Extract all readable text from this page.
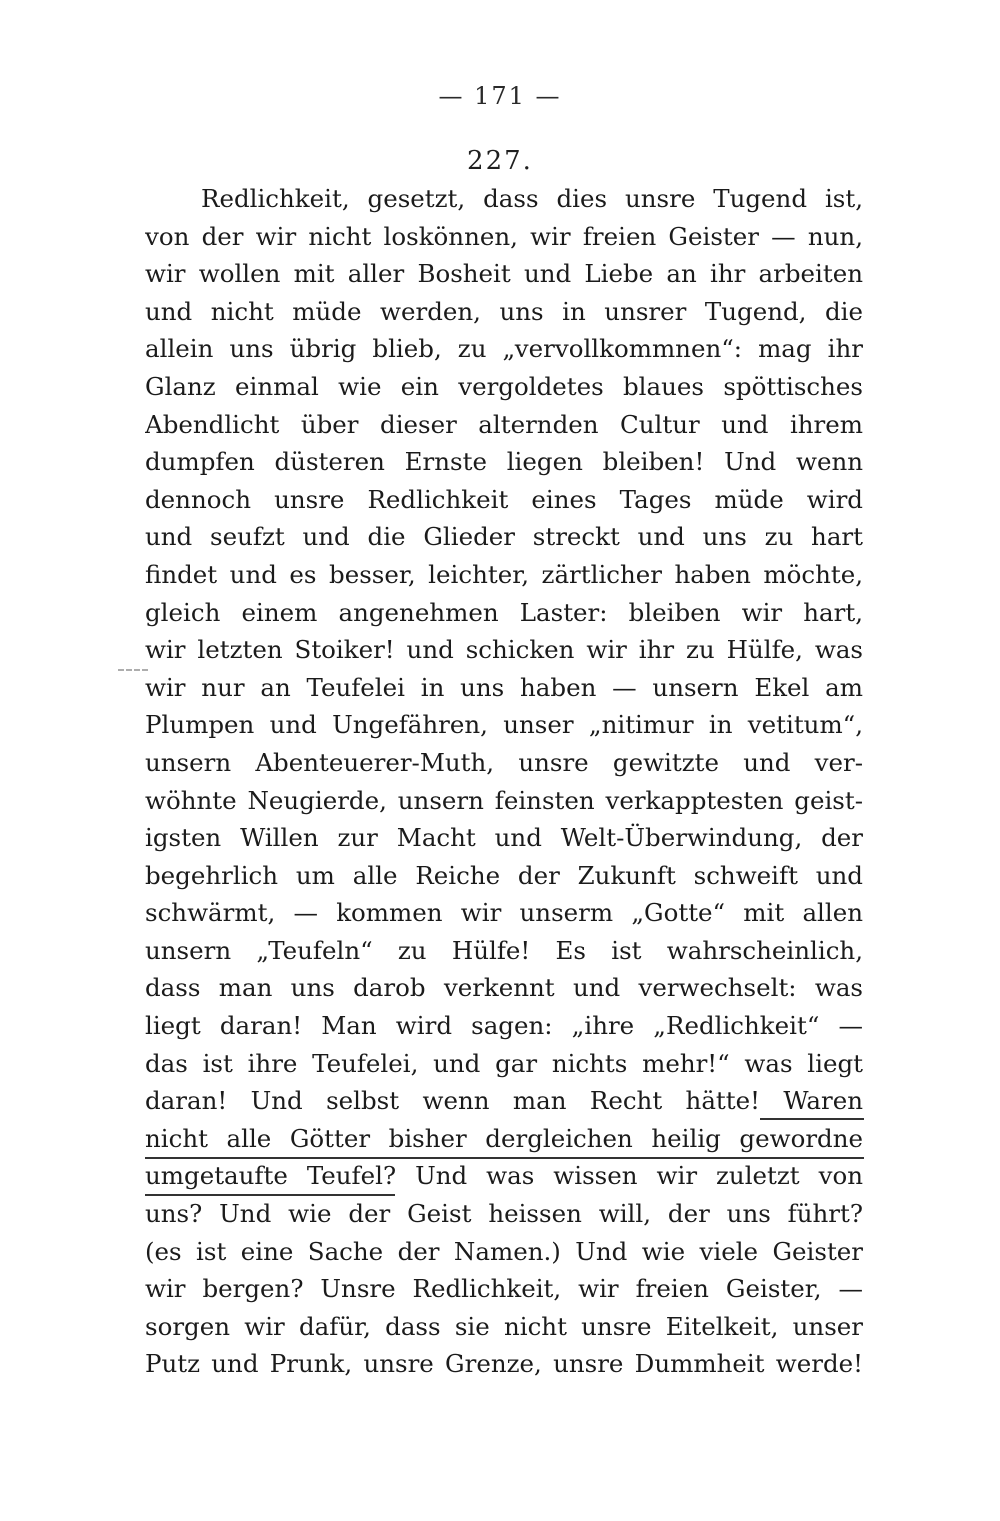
— 171 —
227.
Redlichkeit, gesetzt, dass dies unsre Tugend ist,
von der wir nicht loskönnen, wir freien Geister — nun,
wir wollen mit aller Bosheit und Liebe an ihr arbeiten
und nicht müde werden, uns in unsrer Tugend, die
allein uns übrig blieb, zu „vervollkommnen“: mag ihr
Glanz einmal wie ein vergoldetes blaues spöttisches
Abendlicht über dieser alternden Cultur und ihrem
dumpfen düsteren Ernste liegen bleiben! Und wenn
dennoch unsre Redlichkeit eines Tages müde wird
und seufzt und die Glieder streckt und uns zu hart
findet und es besser, leichter, zärtlicher haben möchte,
gleich einem angenehmen Laster: bleiben wir hart,
wir letzten Stoiker! und schicken wir ihr zu Hülfe, was
wir nur an Teufelei in uns haben — unsern Ekel am
Plumpen und Ungefähren, unser „nitimur in vetitum“,
unsern Abenteuerer-Muth, unsre gewitzte und ver-
wöhnte Neugierde, unsern feinsten verkapptesten geist-
igsten Willen zur Macht und Welt-Überwindung, der
begehrlich um alle Reiche der Zukunft schweift und
schwärmt, — kommen wir unserm „Gotte“ mit allen
unsern „Teufeln“ zu Hülfe! Es ist wahrscheinlich,
dass man uns darob verkennt und verwechselt: was
liegt daran! Man wird sagen: „ihre „Redlichkeit“ —
das ist ihre Teufelei, und gar nichts mehr!“ was liegt
daran! Und selbst wenn man Recht hätte! Waren
nicht alle Götter bisher dergleichen heilig gewordne
umgetaufte Teufel? Und was wissen wir zuletzt von
uns? Und wie der Geist heissen will, der uns führt?
(es ist eine Sache der Namen.) Und wie viele Geister
wir bergen? Unsre Redlichkeit, wir freien Geister, —
sorgen wir dafür, dass sie nicht unsre Eitelkeit, unser
Putz und Prunk, unsre Grenze, unsre Dummheit werde!
